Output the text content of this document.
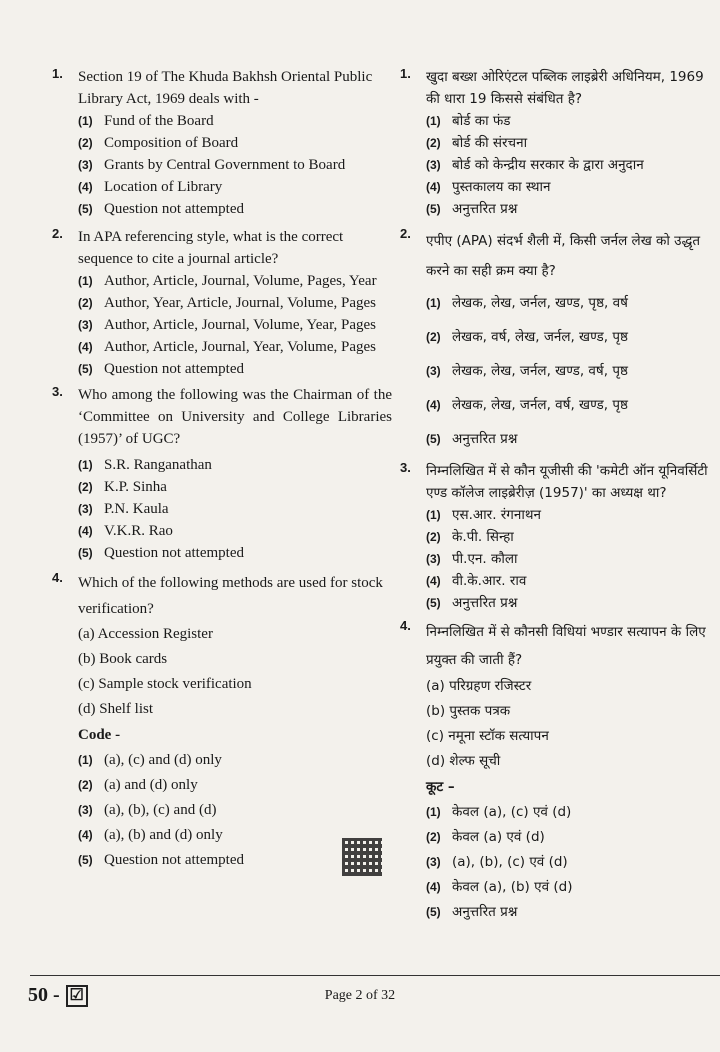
1. Section 19 of The Khuda Bakhsh Oriental Public Library Act, 1969 deals with -
(1) Fund of the Board
(2) Composition of Board
(3) Grants by Central Government to Board
(4) Location of Library
(5) Question not attempted
2. In APA referencing style, what is the correct sequence to cite a journal article?
(1) Author, Article, Journal, Volume, Pages, Year
(2) Author, Year, Article, Journal, Volume, Pages
(3) Author, Article, Journal, Volume, Year, Pages
(4) Author, Article, Journal, Year, Volume, Pages
(5) Question not attempted
3. Who among the following was the Chairman of the ‘Committee on University and College Libraries (1957)’ of UGC?
(1) S.R. Ranganathan
(2) K.P. Sinha
(3) P.N. Kaula
(4) V.K.R. Rao
(5) Question not attempted
4. Which of the following methods are used for stock verification?
(a) Accession Register
(b) Book cards
(c) Sample stock verification
(d) Shelf list
Code -
(1) (a), (c) and (d) only
(2) (a) and (d) only
(3) (a), (b), (c) and (d)
(4) (a), (b) and (d) only
(5) Question not attempted
1. खुदा बख्श ओरिएंटल पब्लिक लाइब्रेरी अधिनियम, 1969 की धारा 19 किससे संबंधित है?
(1) बोर्ड का फंड
(2) बोर्ड की संरचना
(3) बोर्ड को केन्द्रीय सरकार के द्वारा अनुदान
(4) पुस्तकालय का स्थान
(5) अनुत्तरित प्रश्न
2. एपीए (APA) संदर्भ शैली में, किसी जर्नल लेख को उद्धृत करने का सही क्रम क्या है?
(1) लेखक, लेख, जर्नल, खण्ड, पृष्ठ, वर्ष
(2) लेखक, वर्ष, लेख, जर्नल, खण्ड, पृष्ठ
(3) लेखक, लेख, जर्नल, खण्ड, वर्ष, पृष्ठ
(4) लेखक, लेख, जर्नल, वर्ष, खण्ड, पृष्ठ
(5) अनुत्तरित प्रश्न
3. निम्नलिखित में से कौन यूजीसी की 'कमेटी ऑन यूनिवर्सिटी एण्ड कॉलेज लाइब्रेरीज़ (1957)' का अध्यक्ष था?
(1) एस.आर. रंगनाथन
(2) के.पी. सिन्हा
(3) पी.एन. कौला
(4) वी.के.आर. राव
(5) अनुत्तरित प्रश्न
4. निम्नलिखित में से कौनसी विधियां भण्डार सत्यापन के लिए प्रयुक्त की जाती हैं?
(a) परिग्रहण रजिस्टर
(b) पुस्तक पत्रक
(c) नमूना स्टॉक सत्यापन
(d) शेल्फ सूची
कूट –
(1) केवल (a), (c) एवं (d)
(2) केवल (a) एवं (d)
(3) (a), (b), (c) एवं (d)
(4) केवल (a), (b) एवं (d)
(5) अनुत्तरित प्रश्न
50 - ☑	Page 2 of 32
